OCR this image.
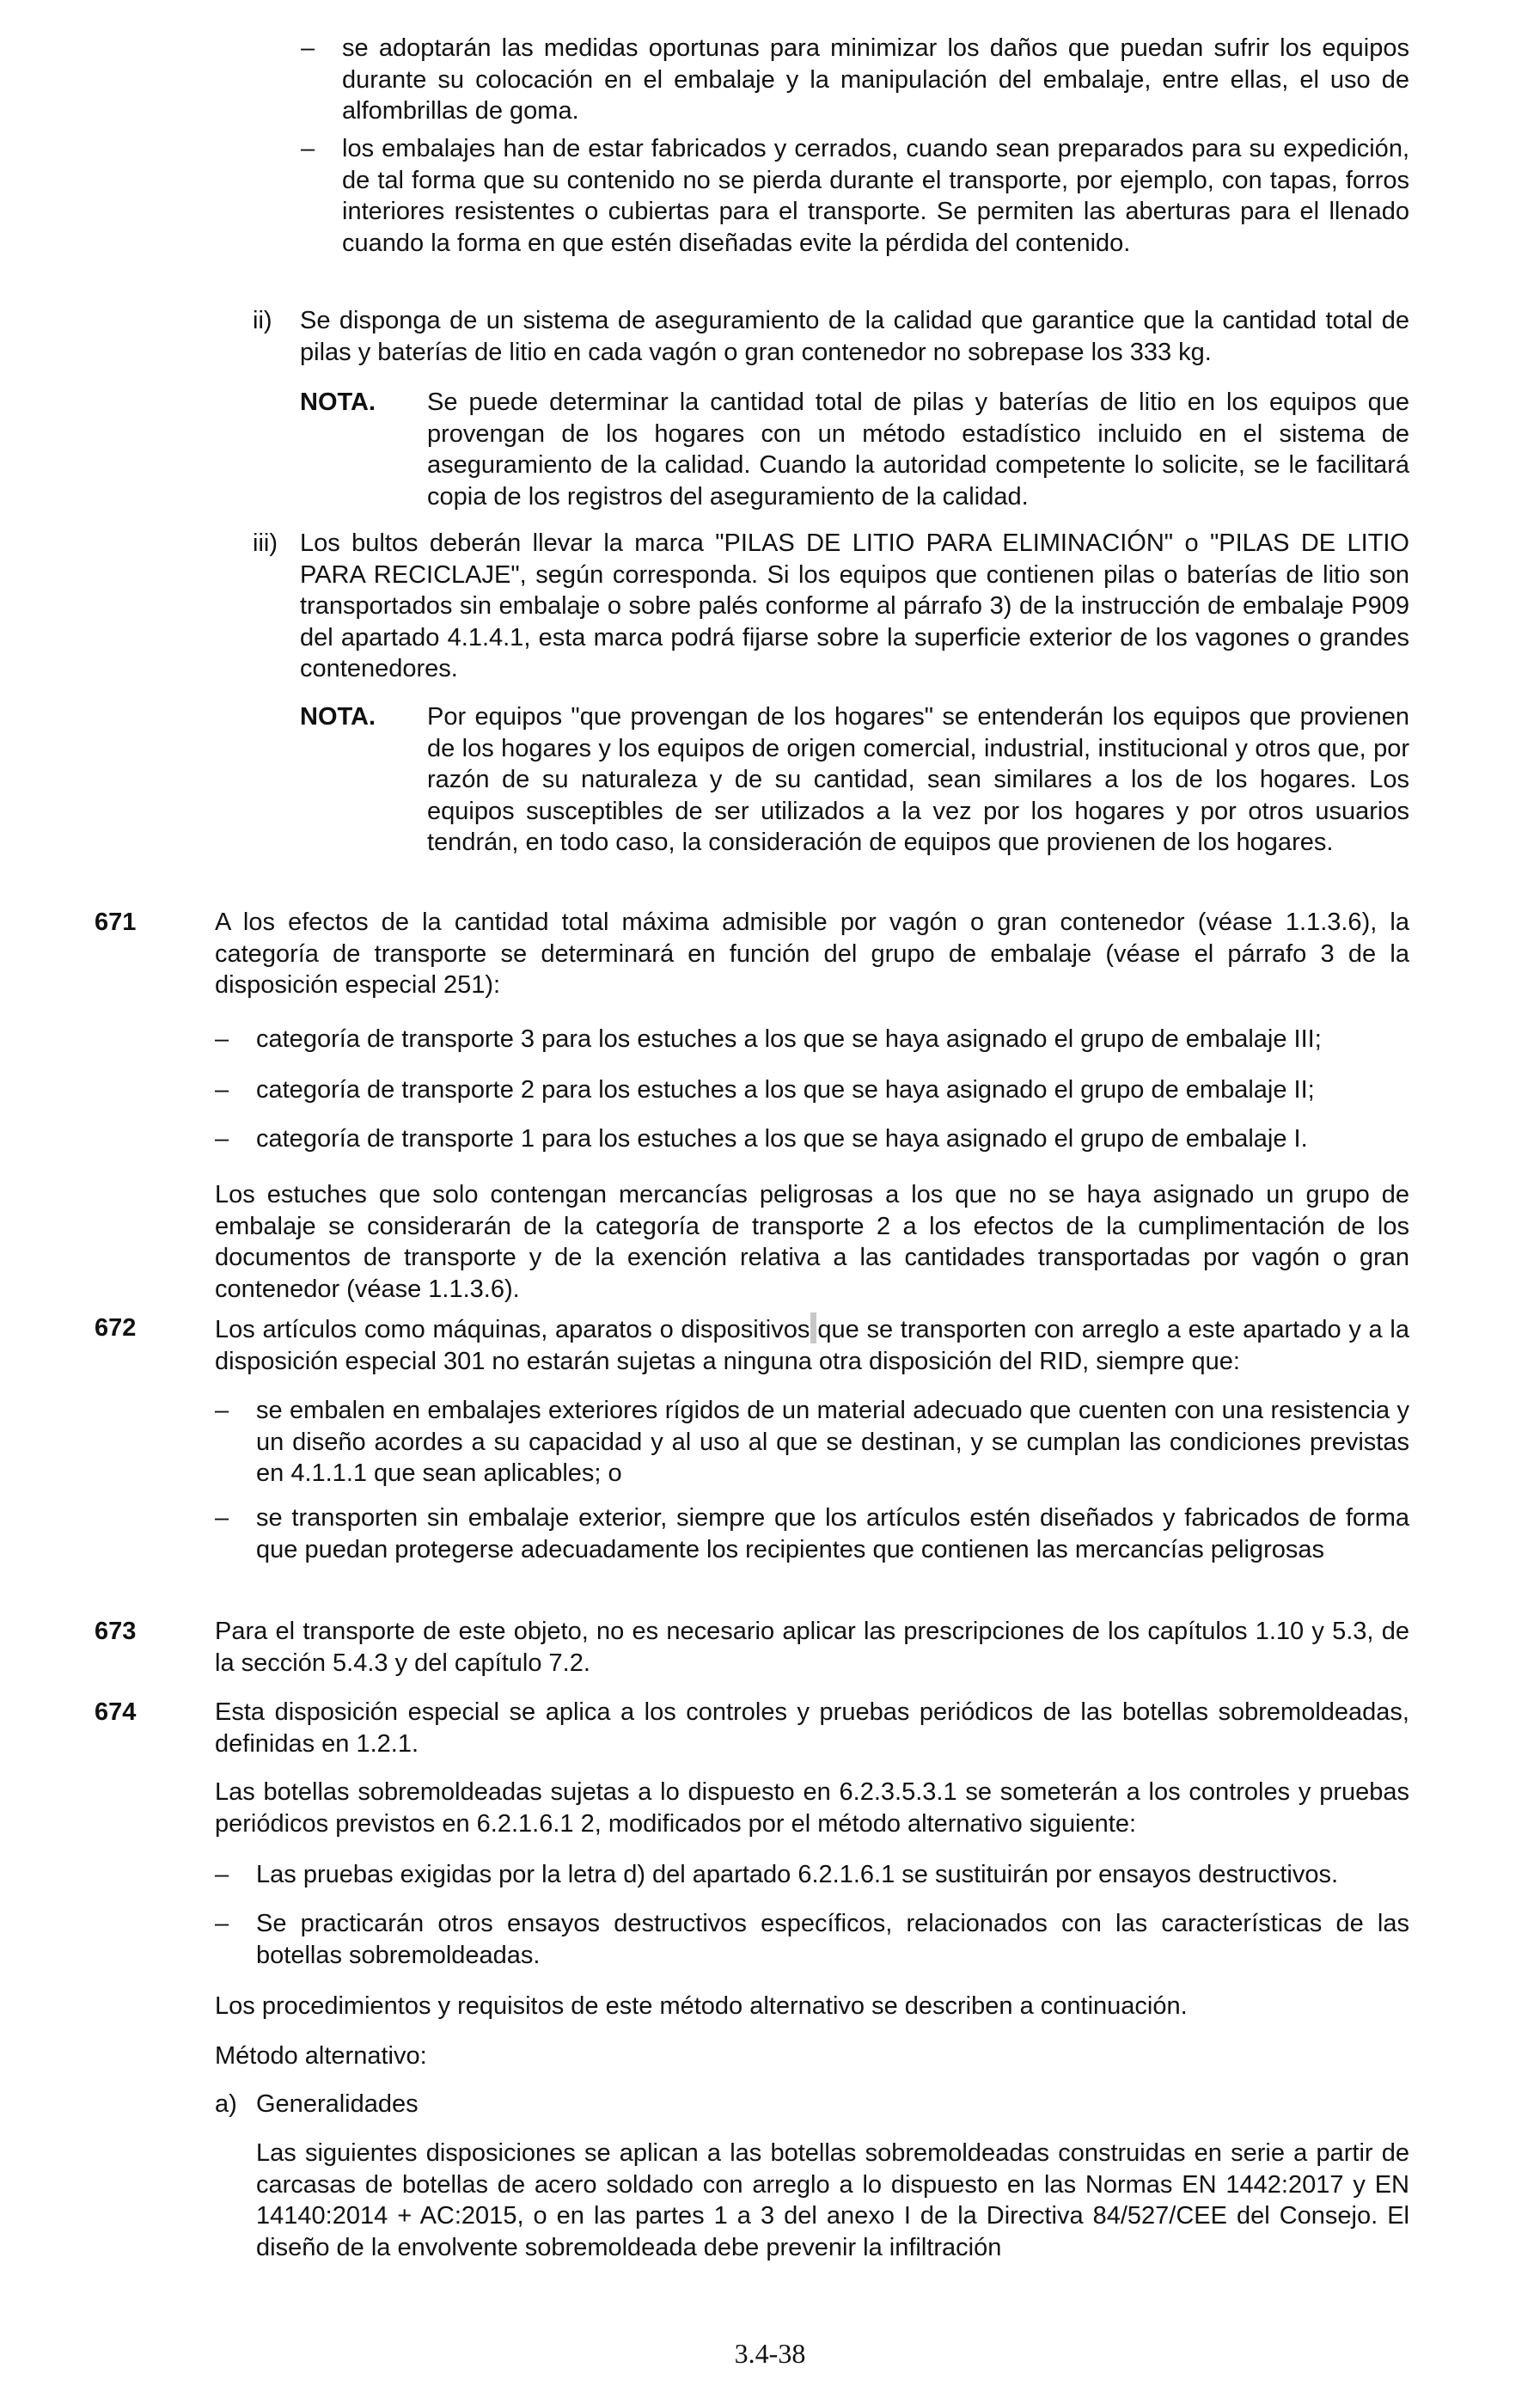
– se adoptarán las medidas oportunas para minimizar los daños que puedan sufrir los equipos durante su colocación en el embalaje y la manipulación del embalaje, entre ellas, el uso de alfombrillas de goma.

– los embalajes han de estar fabricados y cerrados, cuando sean preparados para su expedición, de tal forma que su contenido no se pierda durante el transporte, por ejemplo, con tapas, forros interiores resistentes o cubiertas para el transporte. Se permiten las aberturas para el llenado cuando la forma en que estén diseñadas evite la pérdida del contenido.

ii) Se disponga de un sistema de aseguramiento de la calidad que garantice que la cantidad total de pilas y baterías de litio en cada vagón o gran contenedor no sobrepase los 333 kg.

NOTA. Se puede determinar la cantidad total de pilas y baterías de litio en los equipos que provengan de los hogares con un método estadístico incluido en el sistema de aseguramiento de la calidad. Cuando la autoridad competente lo solicite, se le facilitará copia de los registros del aseguramiento de la calidad.

iii) Los bultos deberán llevar la marca "PILAS DE LITIO PARA ELIMINACIÓN" o "PILAS DE LITIO PARA RECICLAJE", según corresponda. Si los equipos que contienen pilas o baterías de litio son transportados sin embalaje o sobre palés conforme al párrafo 3) de la instrucción de embalaje P909 del apartado 4.1.4.1, esta marca podrá fijarse sobre la superficie exterior de los vagones o grandes contenedores.

NOTA. Por equipos "que provengan de los hogares" se entenderán los equipos que provienen de los hogares y los equipos de origen comercial, industrial, institucional y otros que, por razón de su naturaleza y de su cantidad, sean similares a los de los hogares. Los equipos susceptibles de ser utilizados a la vez por los hogares y por otros usuarios tendrán, en todo caso, la consideración de equipos que provienen de los hogares.

671	A los efectos de la cantidad total máxima admisible por vagón o gran contenedor (véase 1.1.3.6), la categoría de transporte se determinará en función del grupo de embalaje (véase el párrafo 3 de la disposición especial 251):

– categoría de transporte 3 para los estuches a los que se haya asignado el grupo de embalaje III;

– categoría de transporte 2 para los estuches a los que se haya asignado el grupo de embalaje II;

– categoría de transporte 1 para los estuches a los que se haya asignado el grupo de embalaje I.

Los estuches que solo contengan mercancías peligrosas a los que no se haya asignado un grupo de embalaje se considerarán de la categoría de transporte 2 a los efectos de la cumplimentación de los documentos de transporte y de la exención relativa a las cantidades transportadas por vagón o gran contenedor (véase 1.1.3.6).

672	Los artículos como máquinas, aparatos o dispositivos que se transporten con arreglo a este apartado y a la disposición especial 301 no estarán sujetas a ninguna otra disposición del RID, siempre que:

– se embalen en embalajes exteriores rígidos de un material adecuado que cuenten con una resistencia y un diseño acordes a su capacidad y al uso al que se destinan, y se cumplan las condiciones previstas en 4.1.1.1 que sean aplicables; o

– se transporten sin embalaje exterior, siempre que los artículos estén diseñados y fabricados de forma que puedan protegerse adecuadamente los recipientes que contienen las mercancías peligrosas

673	Para el transporte de este objeto, no es necesario aplicar las prescripciones de los capítulos 1.10 y 5.3, de la sección 5.4.3 y del capítulo 7.2.

674	Esta disposición especial se aplica a los controles y pruebas periódicos de las botellas sobremoldeadas, definidas en 1.2.1.

Las botellas sobremoldeadas sujetas a lo dispuesto en 6.2.3.5.3.1 se someterán a los controles y pruebas periódicos previstos en 6.2.1.6.1 2, modificados por el método alternativo siguiente:

– Las pruebas exigidas por la letra d) del apartado 6.2.1.6.1 se sustituirán por ensayos destructivos.

– Se practicarán otros ensayos destructivos específicos, relacionados con las características de las botellas sobremoldeadas.

Los procedimientos y requisitos de este método alternativo se describen a continuación.

Método alternativo:

a) Generalidades

Las siguientes disposiciones se aplican a las botellas sobremoldeadas construidas en serie a partir de carcasas de botellas de acero soldado con arreglo a lo dispuesto en las Normas EN 1442:2017 y EN 14140:2014 + AC:2015, o en las partes 1 a 3 del anexo I de la Directiva 84/527/CEE del Consejo. El diseño de la envolvente sobremoldeada debe prevenir la infiltración

3.4-38
